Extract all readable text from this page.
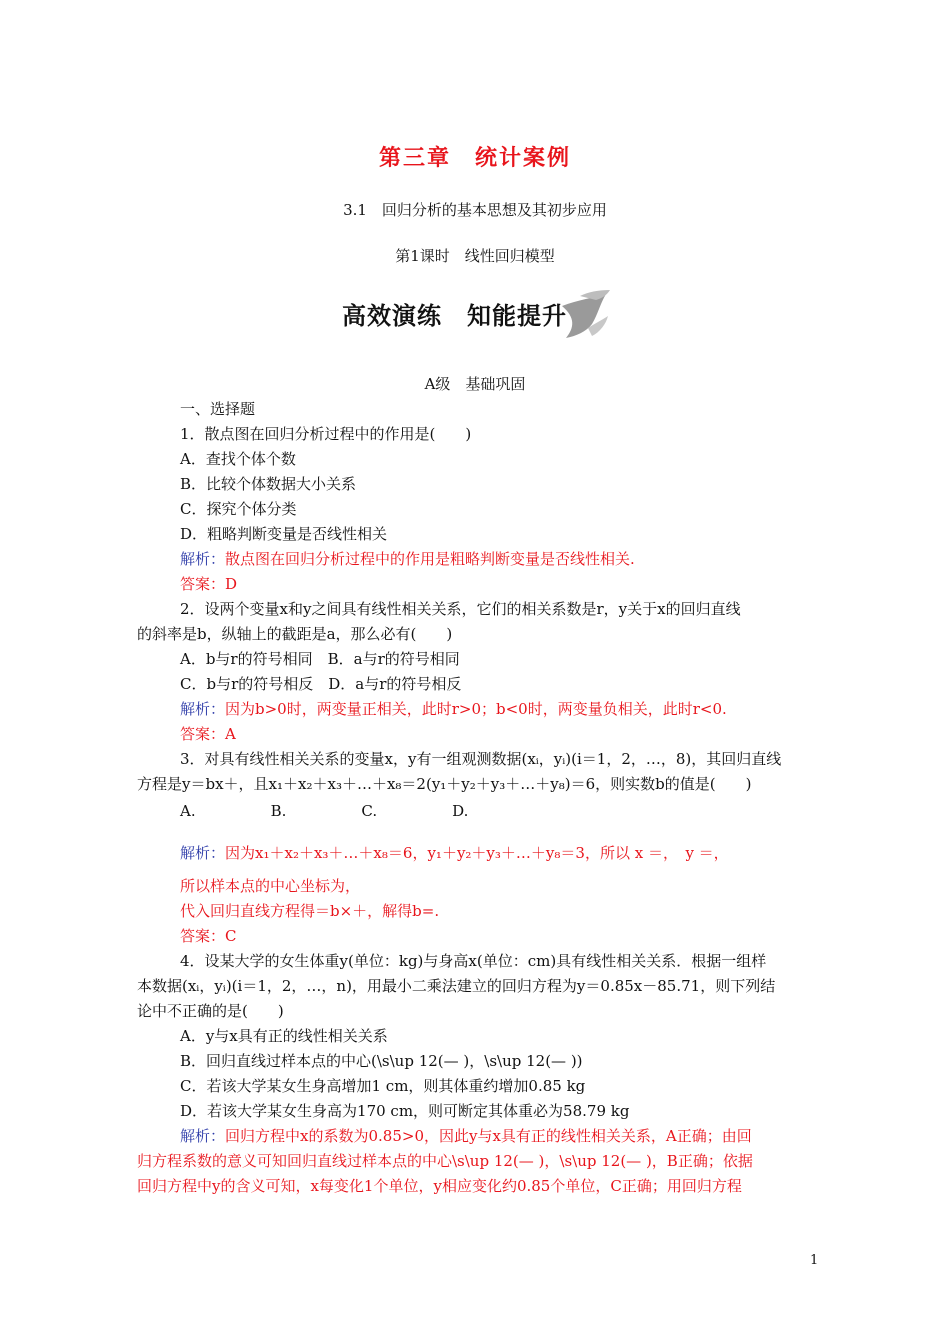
第三章　统计案例
3.1　回归分析的基本思想及其初步应用
第1课时　线性回归模型
高效演练　知能提升
A级　基础巩固
一、选择题
1．散点图在回归分析过程中的作用是(　　)
A．查找个体个数
B．比较个体数据大小关系
C．探究个体分类
D．粗略判断变量是否线性相关
解析：散点图在回归分析过程中的作用是粗略判断变量是否线性相关.
答案：D
2．设两个变量x和y之间具有线性相关关系，它们的相关系数是r，y关于x的回归直线
的斜率是b，纵轴上的截距是a，那么必有(　　)
A．b与r的符号相同　B．a与r的符号相同
C．b与r的符号相反　D．a与r的符号相反
解析：因为b>0时，两变量正相关，此时r>0；b<0时，两变量负相关，此时r<0.
答案：A
3．对具有线性相关关系的变量x，y有一组观测数据(xᵢ，yᵢ)(i＝1，2，…，8)，其回归直线
方程是y＝bx＋，且x₁＋x₂＋x₃＋…＋x₈＝2(y₁＋y₂＋y₃＋…＋y₈)＝6，则实数b的值是(　　)
A.　　　　　B.　　　　　C.　　　　　D.
解析：因为x₁＋x₂＋x₃＋…＋x₈＝6，y₁＋y₂＋y₃＋…＋y₈＝3，所以 x ＝，　y ＝，
所以样本点的中心坐标为，
代入回归直线方程得＝b×＋，解得b=.
答案：C
4．设某大学的女生体重y(单位：kg)与身高x(单位：cm)具有线性相关关系．根据一组样
本数据(xᵢ，yᵢ)(i＝1，2，…，n)，用最小二乘法建立的回归方程为y＝0.85x－85.71，则下列结
论中不正确的是(　　)
A．y与x具有正的线性相关关系
B．回归直线过样本点的中心(\s\up 12(— )，\s\up 12(— ))
C．若该大学某女生身高增加1 cm，则其体重约增加0.85 kg
D．若该大学某女生身高为170 cm，则可断定其体重必为58.79 kg
解析：回归方程中x的系数为0.85>0，因此y与x具有正的线性相关关系，A正确；由回
归方程系数的意义可知回归直线过样本点的中心\s\up 12(— )，\s\up 12(— )，B正确；依据
回归方程中y的含义可知，x每变化1个单位，y相应变化约0.85个单位，C正确；用回归方程
1
